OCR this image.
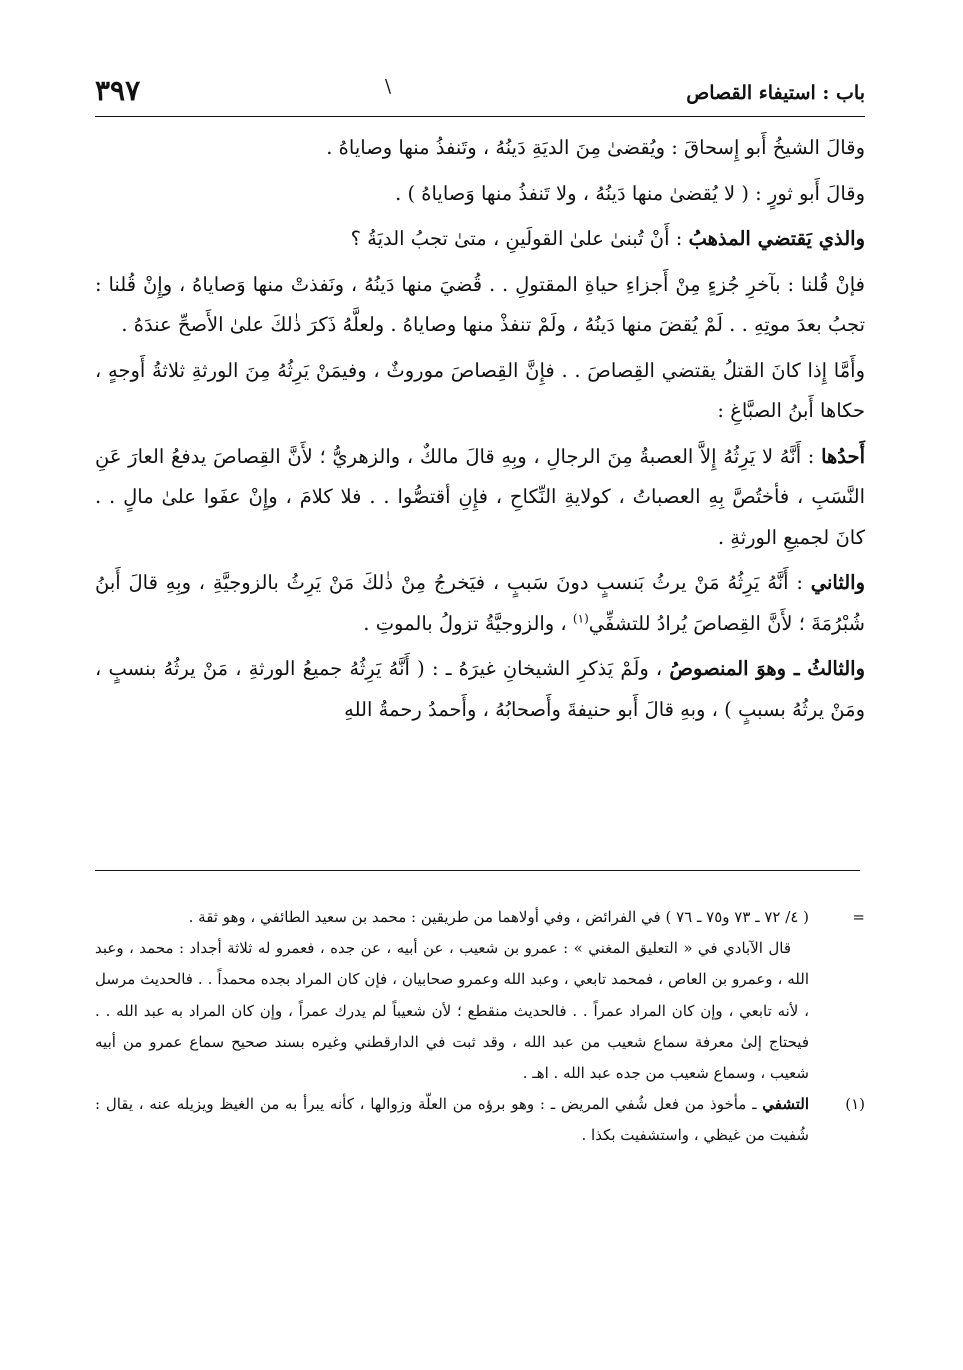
باب : استيفاء القصاص
\
٣٩٧

وقالَ الشيخُ أَبو إِسحاقَ : ويُقضىٰ مِنَ الديَةِ دَينُهُ ، وتَنفذُ منها وصاياهُ .

وقالَ أَبو ثورٍ : ( لا يُقضىٰ منها دَينُهُ ، ولا تَنفذُ منها وَصاياهُ ) .

والذي يَقتضي المذهبُ : أَنْ تُبنىٰ علىٰ القولَينِ ، متىٰ تجبُ الديَةُ ؟

فإنْ قُلنا : بآخرِ جُزءٍ مِنْ أَجزاءِ حياةِ المقتولِ . . قُضيَ منها دَينُهُ ، ونَفذتْ منها وَصاياهُ ، وإِنْ قُلنا : تجبُ بعدَ موتِهِ . . لَمْ يُقضَ منها دَينُهُ ، ولَمْ تنفذْ منها وصاياهُ . ولعلَّهُ ذَكرَ ذٰلكَ علىٰ الأَصحِّ عندَهُ .

وأَمَّا إِذا كانَ القتلُ يقتضي القِصاصَ . . فإِنَّ القِصاصَ موروثٌ ، وفيمَنْ يَرِثُهُ مِنَ الورثةِ ثلاثةُ أَوجهٍ ، حكاها أَبنُ الصبَّاغِ :

أَحدُها : أَنَّهُ لا يَرِثُهُ إِلاَّ العصبةُ مِنَ الرجالِ ، وبِهِ قالَ مالكٌ ، والزهريُّ ؛ لأَنَّ القِصاصَ يدفعُ العارَ عَنِ النَّسَبِ ، فأختُصَّ بِهِ العصباتُ ، كولايةِ النِّكاحِ ، فإِنِ أقتصُّوا . . فلا كلامَ ، وإِنْ عفَوا علىٰ مالٍ . . كانَ لجميعِ الورثةِ .

والثاني : أَنَّهُ يَرِثُهُ مَنْ يرثُ بَنسبٍ دونَ سَببٍ ، فيَخرجُ مِنْ ذٰلكَ مَنْ يَرِثُ بالزوجيَّةِ ، وبِهِ قالَ أَبنُ شُبْرُمَةَ ؛ لأَنَّ القِصاصَ يُرادُ للتشفِّي$^{(١)}$ ، والزوجيَّةُ تزولُ بالموتِ .

والثالثُ ـ وهوَ المنصوصُ ، ولَمْ يَذكرِ الشيخانِ غيرَهُ ـ : ( أَنَّهُ يَرِثُهُ جميعُ الورثةِ ، مَنْ يرثُهُ بنسبٍ ، ومَنْ يرثُهُ بسببٍ ) ، وبهِ قالَ أَبو حنيفةَ وأَصحابُهُ ، وأَحمدُ رحمةُ اللهِ

=

( ٤/ ٧٢ ـ ٧٣ و٧٥ ـ ٧٦ ) في الفرائض ، وفي أولاهما من طريقين : محمد بن سعيد الطائفي ، وهو ثقة .

قال الآبادي في « التعليق المغني » : عمرو بن شعيب ، عن أبيه ، عن جده ، فعمرو له ثلاثة أجداد : محمد ، وعبد الله ، وعمرو بن العاص ، فمحمد تابعي ، وعبد الله وعمرو صحابيان ، فإن كان المراد بجده محمداً . . فالحديث مرسل ، لأنه تابعي ، وإن كان المراد عمراً . . فالحديث منقطع ؛ لأن شعيباً لم يدرك عمراً ، وإن كان المراد به عبد الله . . فيحتاج إلىٰ معرفة سماع شعيب من عبد الله ، وقد ثبت في الدارقطني وغيره بسند صحيح سماع عمرو من أبيه شعيب ، وسماع شعيب من جده عبد الله . اهـ .

(١)

التشفي ـ مأخوذ من فعل شُفي المريض ـ : وهو برؤه من العلّة وزوالها ، كأنه يبرأ به من الغيظ ويزيله عنه ، يقال : شُفيت من غيظي ، واستشفيت بكذا .
